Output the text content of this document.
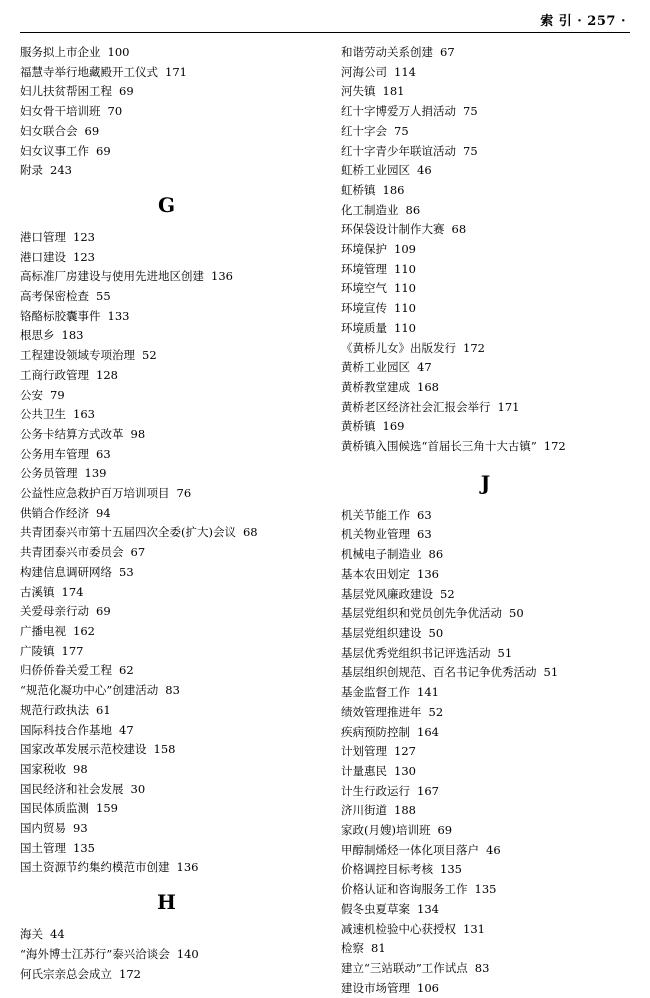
索 引 · 257 ·
服务拟上市企业 100
福慧寺举行地藏殿开工仪式 171
妇儿扶贫帮困工程 69
妇女骨干培训班 70
妇女联合会 69
妇女议事工作 69
附录 243
G
港口管理 123
港口建设 123
高标准厂房建设与使用先进地区创建 136
高考保密检查 55
铬酪标胶囊事件 133
根思乡 183
工程建设领域专项治理 52
工商行政管理 128
公安 79
公共卫生 163
公务卡结算方式改革 98
公务用车管理 63
公务员管理 139
公益性应急救护百万培训项目 76
供销合作经济 94
共青团泰兴市第十五届四次全委(扩大)会议 68
共青团泰兴市委员会 67
构建信息调研网络 53
古溪镇 174
关爱母亲行动 69
广播电视 162
广陵镇 177
归侨侨眷关爱工程 62
“规范化凝功中心”创建活动 83
规范行政执法 61
国际科技合作基地 47
国家改革发展示范校建设 158
国家税收 98
国民经济和社会发展 30
国民体质监测 159
国内贸易 93
国土管理 135
国土资源节约集约模范市创建 136
H
海关 44
“海外博士江苏行”泰兴洽谈会 140
何氏宗亲总会成立 172
和谐劳动关系创建 67
河海公司 114
河失镇 181
红十字博爱万人捐活动 75
红十字会 75
红十字青少年联谊活动 75
虹桥工业园区 46
虹桥镇 186
化工制造业 86
环保袋设计制作大赛 68
环境保护 109
环境管理 110
环境空气 110
环境宣传 110
环境质量 110
《黄桥儿女》出版发行 172
黄桥工业园区 47
黄桥教堂建成 168
黄桥老区经济社会汇报会举行 171
黄桥镇 169
黄桥镇入围候选“首届长三角十大古镇” 172
J
机关节能工作 63
机关物业管理 63
机械电子制造业 86
基本农田划定 136
基层党风廉政建设 52
基层党组织和党员创先争优活动 50
基层党组织建设 50
基层优秀党组织书记评选活动 51
基层组织创规范、百名书记争优秀活动 51
基金监督工作 141
绩效管理推进年 52
疾病预防控制 164
计划管理 127
计量惠民 130
计生行政运行 167
济川街道 188
家政(月嫂)培训班 69
甲醇制烯烃一体化项目落户 46
价格调控目标考核 135
价格认证和咨询服务工作 135
假冬虫夏草案 134
减速机检验中心获授权 131
检察 81
建立“三站联动”工作试点 83
建设市场管理 106
